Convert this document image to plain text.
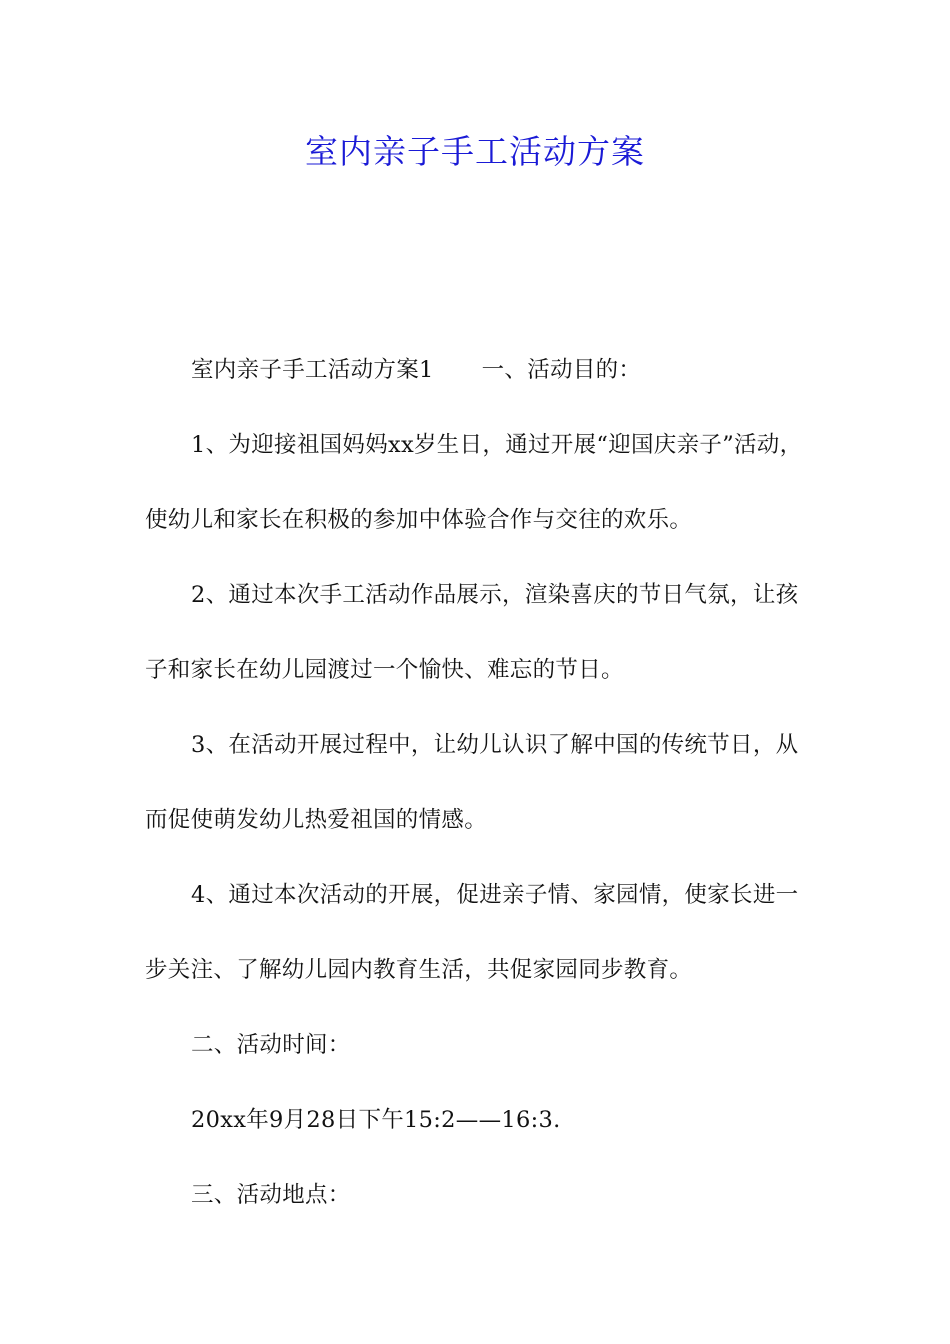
室内亲子手工活动方案

室内亲子手工活动方案1 一、活动目的：

1、为迎接祖国妈妈xx岁生日，通过开展“迎国庆亲子”活动，使幼儿和家长在积极的参加中体验合作与交往的欢乐。

2、通过本次手工活动作品展示，渲染喜庆的节日气氛，让孩子和家长在幼儿园渡过一个愉快、难忘的节日。

3、在活动开展过程中，让幼儿认识了解中国的传统节日，从而促使萌发幼儿热爱祖国的情感。

4、通过本次活动的开展，促进亲子情、家园情，使家长进一步关注、了解幼儿园内教育生活，共促家园同步教育。

二、活动时间：

20xx年9月28日下午15:2——16:3.

三、活动地点：
